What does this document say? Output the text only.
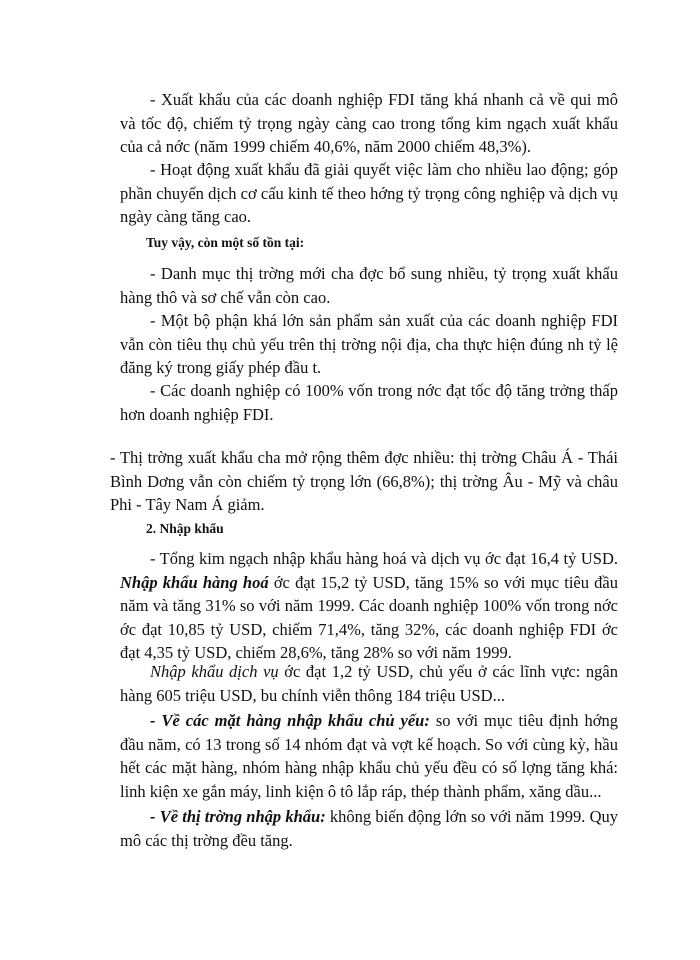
- Xuất khẩu của các doanh nghiệp FDI tăng khá nhanh cả về qui mô và tốc độ, chiếm tỷ trọng ngày càng cao trong tổng kim ngạch xuất khẩu của cả nớc (năm 1999 chiếm 40,6%, năm 2000 chiếm 48,3%).

- Hoạt động xuất khẩu đã giải quyết việc làm cho nhiều lao động; góp phần chuyển dịch cơ cấu kinh tế theo hớng tỷ trọng công nghiệp và dịch vụ ngày càng tăng cao.

Tuy vậy, còn một số tồn tại:

- Danh mục thị trờng mới cha đợc bổ sung nhiều, tỷ trọng xuất khẩu hàng thô và sơ chế vẫn còn cao.

- Một bộ phận khá lớn sản phẩm sản xuất của các doanh nghiệp FDI vẫn còn tiêu thụ chủ yếu trên thị trờng nội địa, cha thực hiện đúng nh tỷ lệ đăng ký trong giấy phép đầu t.

- Các doanh nghiệp có 100% vốn trong nớc đạt tốc độ tăng trởng thấp hơn doanh nghiệp FDI.

- Thị trờng xuất khẩu cha mở rộng thêm đợc nhiều: thị trờng Châu Á - Thái Bình Dơng vẫn còn chiếm tỷ trọng lớn (66,8%); thị trờng Âu - Mỹ và châu Phi - Tây Nam Á giảm.

2. Nhập khẩu

- Tổng kim ngạch nhập khẩu hàng hoá và dịch vụ ớc đạt 16,4 tỷ USD. Nhập khẩu hàng hoá ớc đạt 15,2 tỷ USD, tăng 15% so với mục tiêu đầu năm và tăng 31% so với năm 1999. Các doanh nghiệp 100% vốn trong nớc ớc đạt 10,85 tỷ USD, chiếm 71,4%, tăng 32%, các doanh nghiệp FDI ớc đạt 4,35 tỷ USD, chiếm 28,6%, tăng 28% so với năm 1999.

Nhập khẩu dịch vụ ớc đạt 1,2 tỷ USD, chủ yếu ở các lĩnh vực: ngân hàng 605 triệu USD, bu chính viễn thông 184 triệu USD...

- Về các mặt hàng nhập khẩu chủ yếu: so với mục tiêu định hớng đầu năm, có 13 trong số 14 nhóm đạt và vợt kế hoạch. So với cùng kỳ, hầu hết các mặt hàng, nhóm hàng nhập khẩu chủ yếu đều có số lợng tăng khá: linh kiện xe gắn máy, linh kiện ô tô lắp ráp, thép thành phẩm, xăng dầu...

- Về thị trờng nhập khẩu: không biến động lớn so với năm 1999. Quy mô các thị trờng đều tăng.
